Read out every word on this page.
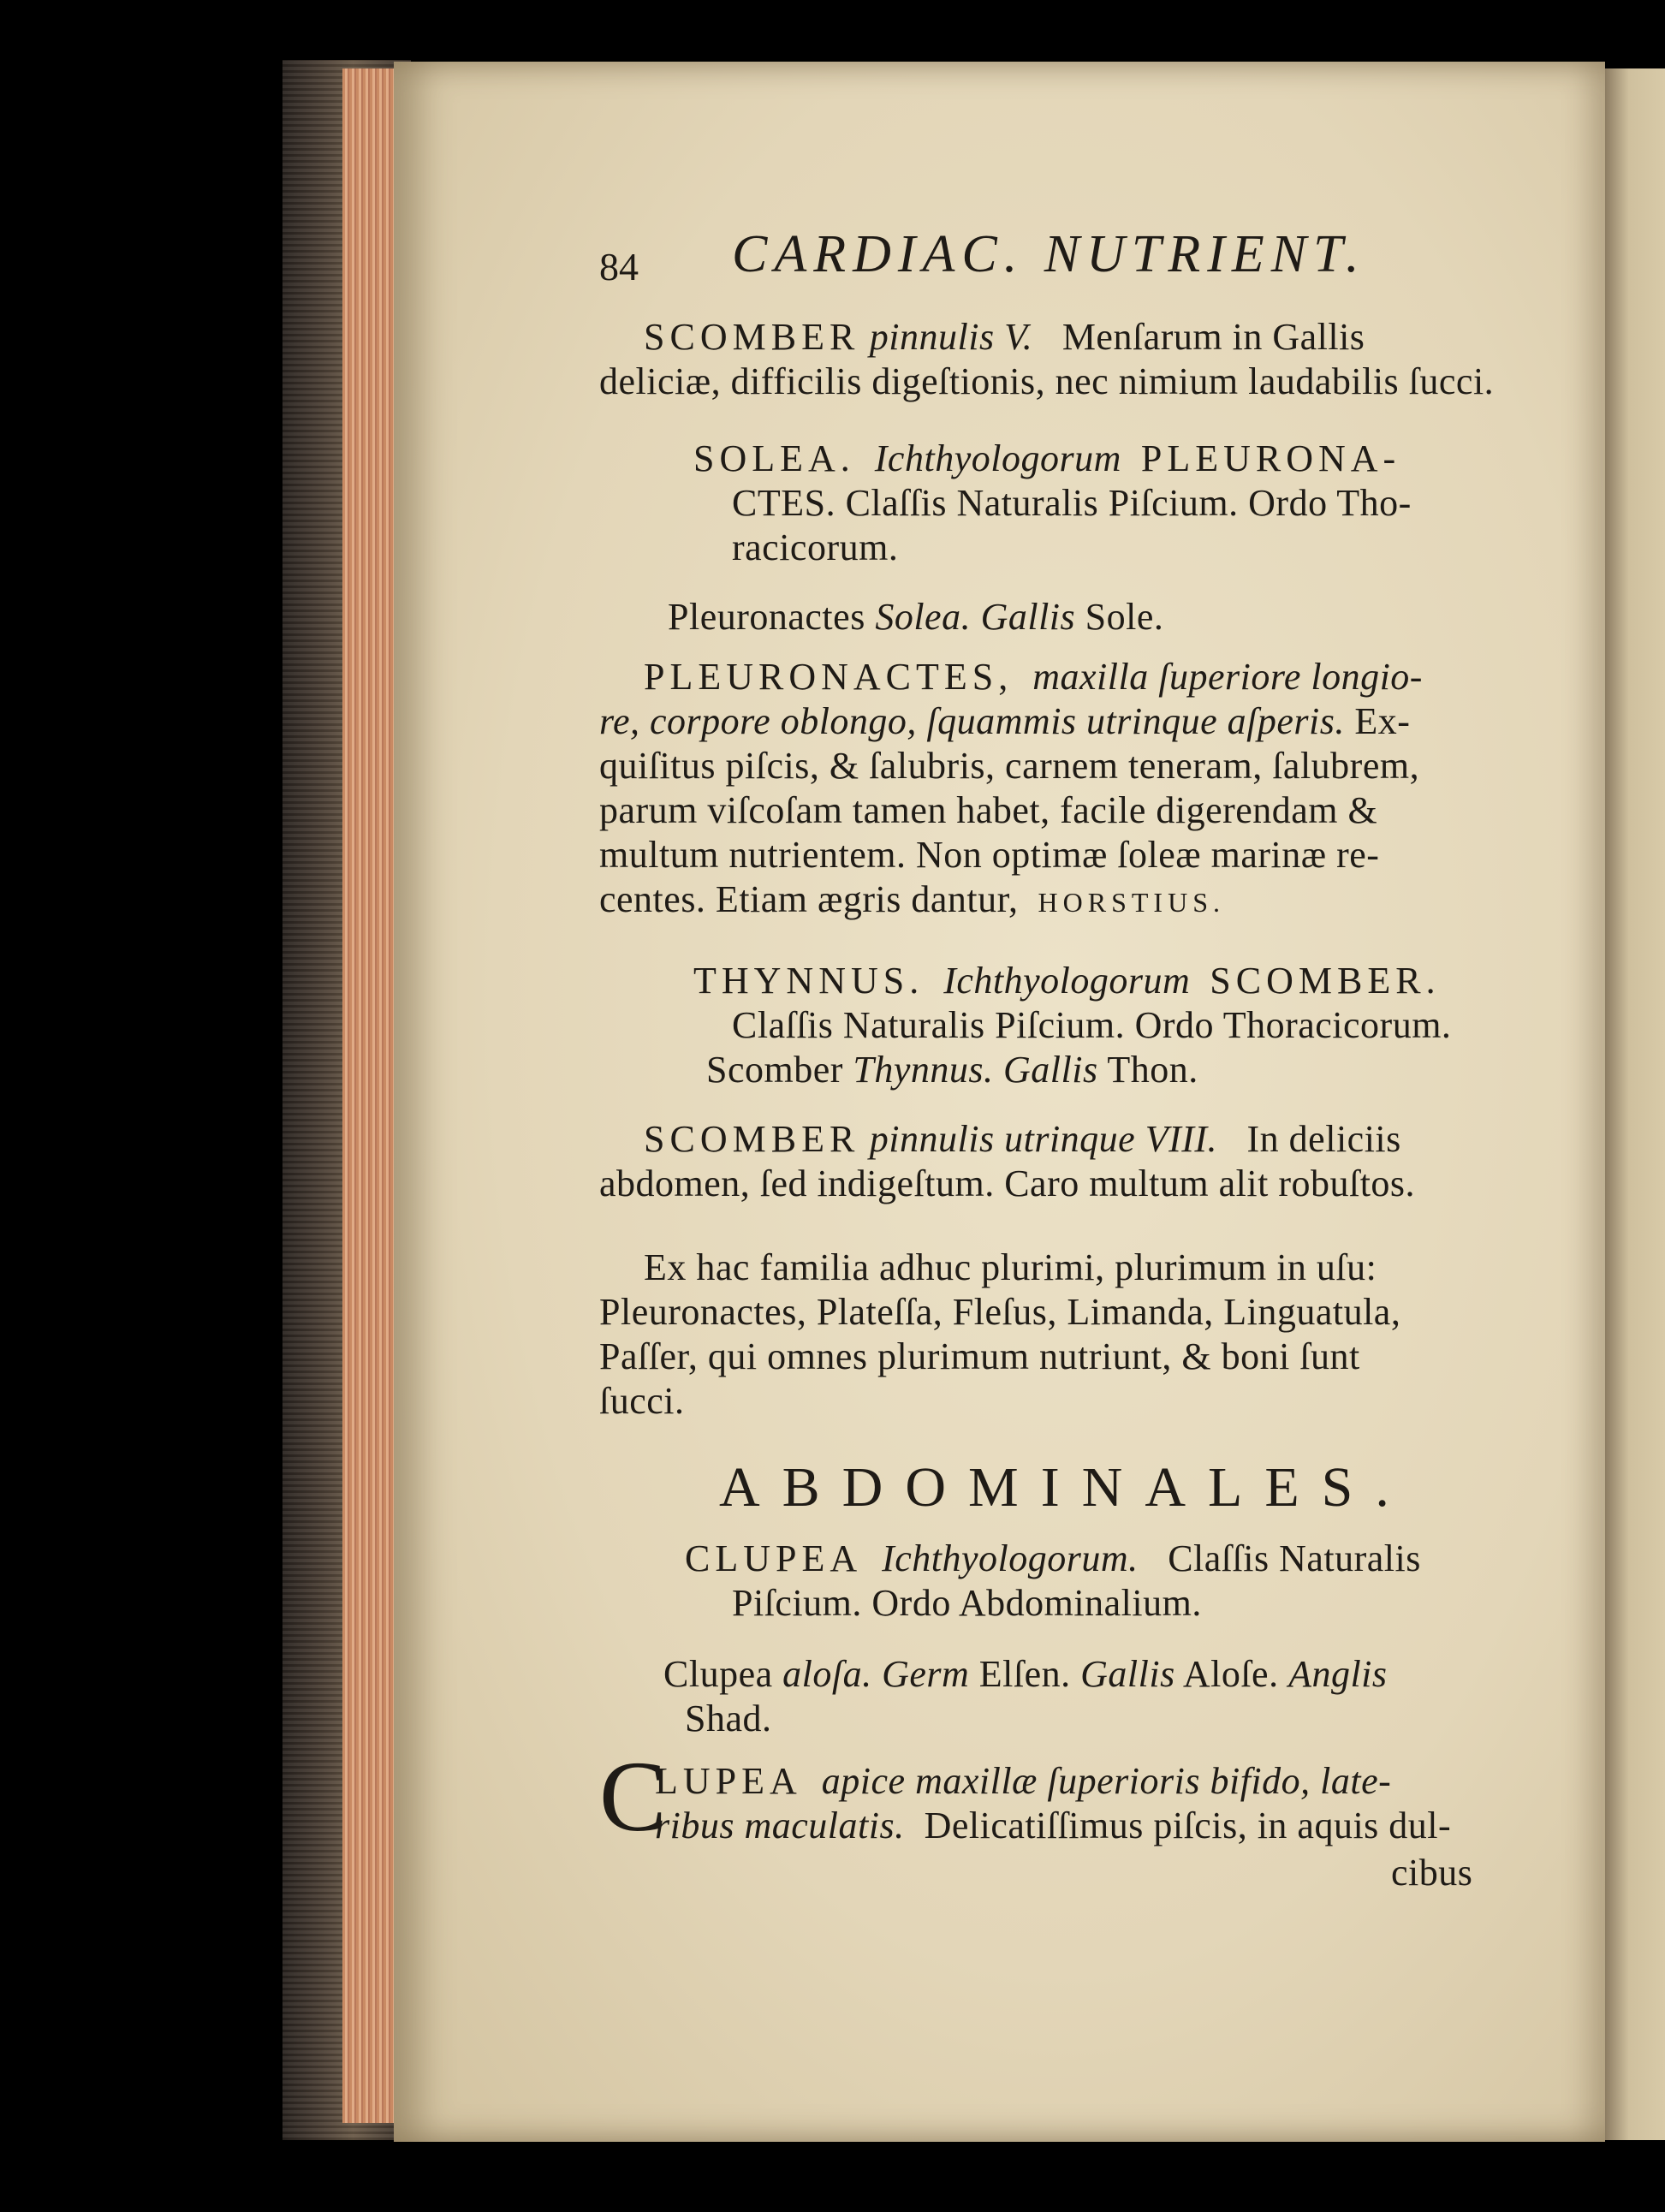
84 CARDIAC. NUTRIENT.
SCOMBER pinnulis V. Menſarum in Gallis
deliciæ, difficilis digeſtionis, nec nimium laudabilis ſucci.
SOLEA. Ichthyologorum PLEURONA-
CTES. Claſſis Naturalis Piſcium. Ordo Tho-
racicorum.
Pleuronactes Solea. Gallis Sole.
PLEURONACTES, maxilla ſuperiore longio-
re, corpore oblongo, ſquammis utrinque aſperis. Ex-
quiſitus piſcis, & ſalubris, carnem teneram, ſalubrem,
parum viſcoſam tamen habet, facile digerendam &
multum nutrientem. Non optimæ ſoleæ marinæ re-
centes. Etiam ægris dantur, HORSTIUS.
THYNNUS. Ichthyologorum SCOMBER.
Claſſis Naturalis Piſcium. Ordo Thoracicorum.
Scomber Thynnus. Gallis Thon.
SCOMBER pinnulis utrinque VIII. In deliciis
abdomen, ſed indigeſtum. Caro multum alit robuſtos.
Ex hac familia adhuc plurimi, plurimum in uſu:
Pleuronactes, Plateſſa, Fleſus, Limanda, Linguatula,
Paſſer, qui omnes plurimum nutriunt, & boni ſunt
ſucci.
ABDOMINALES.
CLUPEA Ichthyologorum. Claſſis Naturalis
Piſcium. Ordo Abdominalium.
Clupea aloſa. Germ Elſen. Gallis Aloſe. Anglis
Shad.
C
LUPEA apice maxillæ ſuperioris bifido, late-
ribus maculatis. Delicatiſſimus piſcis, in aquis dul-
cibus
